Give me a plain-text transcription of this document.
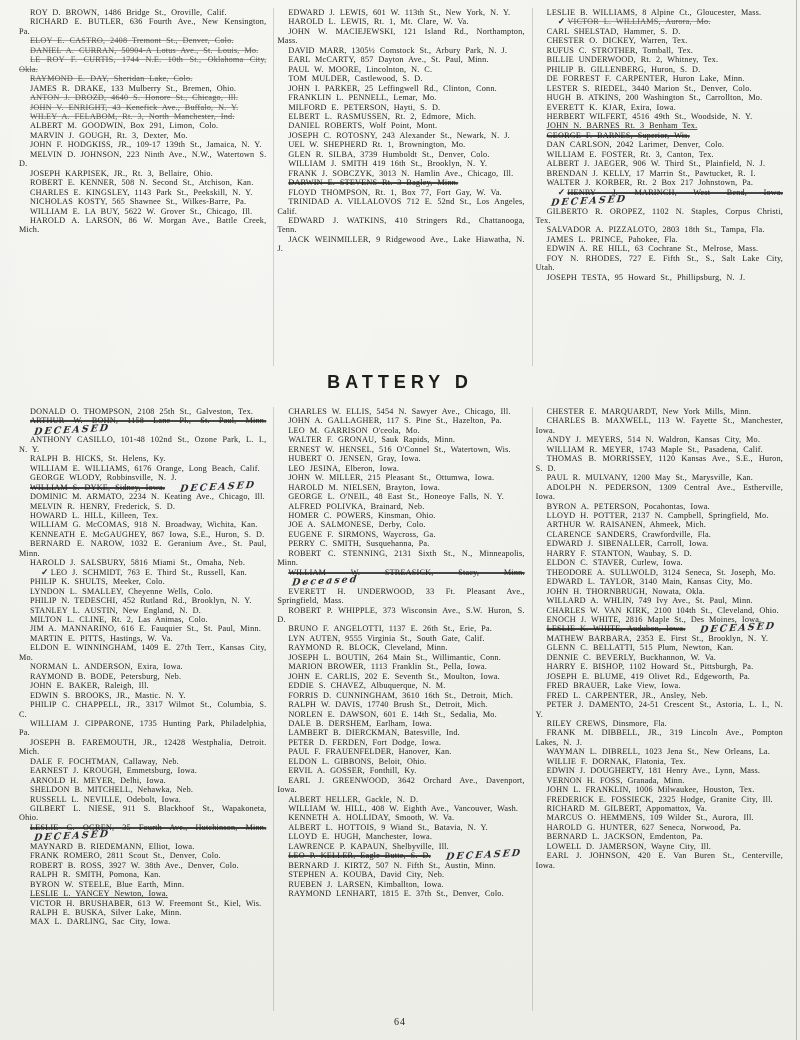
ROY D. BROWN, 1486 Bridge St., Oroville, Calif.

RICHARD E. BUTLER, 636 Fourth Ave., New Kensington, Pa.

ELOY E. CASTRO, 2408 Tremont St., Denver, Colo.

DANIEL A. CURRAN, 50904-A Lotus Ave., St. Louis, Mo.

LE ROY F. CURTIS, 1744 N.E. 10th St., Oklahoma City, Okla.

RAYMOND E. DAY, Sheridan Lake, Colo.

JAMES R. DRAKE, 133 Mulberry St., Bremen, Ohio.

ANTON J. DROZD, 4640 S. Honore St., Chicago, Ill.

JOHN V. ENRIGHT, 43 Kenefick Ave., Buffalo, N. Y.

WILEY A. FELABOM, Rt. 3, North Manchester, Ind.

ALBERT M. GOODWIN, Box 291, Limon, Colo.

MARVIN J. GOUGH, Rt. 3, Dexter, Mo.

JOHN F. HODGKISS, JR., 109-17 139th St., Jamaica, N. Y.

MELVIN D. JOHNSON, 223 Ninth Ave., N.W., Watertown S. D.

JOSEPH KARPISEK, JR., Rt. 3, Bellaire, Ohio.

ROBERT E. KENNER, 508 N. Second St., Atchison, Kan.

CHARLES E. KINGSLEY, 1143 Park St., Peekskill, N. Y.

NICHOLAS KOSTY, 565 Shawnee St., Wilkes-Barre, Pa.

WILLIAM E. LA BUY, 5622 W. Grover St., Chicago, Ill.

HAROLD A. LARSON, 86 W. Morgan Ave., Battle Creek, Mich.

EDWARD J. LEWIS, 601 W. 113th St., New York, N. Y.

HAROLD L. LEWIS, Rt. 1, Mt. Clare, W. Va.

JOHN W. MACIEJEWSKI, 121 Island Rd., Northampton, Mass.

DAVID MARR, 1305½ Comstock St., Arbury Park, N. J.

EARL McCARTY, 857 Dayton Ave., St. Paul, Minn.

PAUL W. MOORE, Lincolnton, N. C.

TOM MULDER, Castlewood, S. D.

JOHN I. PARKER, 25 Leffingwell Rd., Clinton, Conn.

FRANKLIN L. PENNELL, Lemar, Mo.

MILFORD E. PETERSON, Hayti, S. D.

ELBERT L. RASMUSSEN, Rt. 2, Edmore, Mich.

DANIEL ROBERTS, Wolf Point, Mont.

JOSEPH C. ROTOSNY, 243 Alexander St., Newark, N. J.

UEL W. SHEPHERD Rt. 1, Brownington, Mo.

GLEN R. SILBA, 3739 Humboldt St., Denver, Colo.

WILLIAM J. SMITH 419 16th St., Brooklyn, N. Y.

FRANK J. SOBCZYK, 3013 N. Hamlin Ave., Chicago, Ill.

DARWIN E. STEVENS Rt. 3 Bagley, Minn.

FLOYD THOMPSON, Rt. 1, Box 77, Fort Gay, W. Va.

TRINIDAD A. VILLALOVOS 712 E. 52nd St., Los Angeles, Calif.

EDWARD J. WATKINS, 410 Stringers Rd., Chattanooga, Tenn.

JACK WEINMILLER, 9 Ridgewood Ave., Lake Hiawatha, N. J.

LESLIE B. WILLIAMS, 8 Alpine Ct., Gloucester, Mass.

✓ VICTOR L. WILLIAMS, Aurora, Mo.

CARL SHELSTAD, Hammer, S. D.

CHESTER O. DICKEY, Warren, Tex.

RUFUS C. STROTHER, Tomball, Tex.

BILLIE UNDERWOOD, Rt. 2, Whitney, Tex.

PHILIP B. GILLENBERG, Huron, S. D.

DE FORREST F. CARPENTER, Huron Lake, Minn.

LESTER S. RIEDEL, 3440 Marion St., Denver, Colo.

HUGH B. ATKINS, 200 Washington St., Carrollton, Mo.

EVERETT K. KJAR, Exira, Iowa.

HERBERT WILFERT, 4516 49th St., Woodside, N. Y.

JOHN N. BARNES Rt. 3 Benham Tex.

GEORGE F. BARNES, Superior, Wis.

DAN CARLSON, 2042 Larimer, Denver, Colo.

WILLIAM E. FOSTER, Rt. 3, Canton, Tex.

ALBERT J. JAEGER, 906 W. Third St., Plainfield, N. J.

BRENDAN J. KELLY, 17 Marrin St., Pawtucket, R. I.

WALTER J. KORBER, Rt. 2 Box 217 Johnstown, Pa.

✓ HENRY J. MARINCH, West Bend, Iowa.DECEASED

GILBERTO R. OROPEZ, 1102 N. Staples, Corpus Christi, Tex.

SALVADOR A. PIZZALOTO, 2803 18th St., Tampa, Fla.

JAMES L. PRINCE, Pahokee, Fla.

EDWIN A. RE HILL, 63 Cochrane St., Melrose, Mass.

FOY N. RHODES, 727 E. Fifth St., S., Salt Lake City, Utah.

JOSEPH TESTA, 95 Howard St., Phillipsburg, N. J.

BATTERY D

DONALD O. THOMPSON, 2108 25th St., Galveston, Tex.

ARTHUR W. BOHN, 1158 Lane Pl., St. Paul, Minn.DECEASED

ANTHONY CASILLO, 101-48 102nd St., Ozone Park, L. I., N. Y.

RALPH B. HICKS, St. Helens, Ky.

WILLIAM E. WILLIAMS, 6176 Orange, Long Beach, Calif.

GEORGE WLODY, Robbinsville, N. J.

WILLIAM S. DYKE, Sidney, Iowa. DECEASED

DOMINIC M. ARMATO, 2234 N. Keating Ave., Chicago, Ill.

MELVIN R. HENRY, Frederick, S. D.

HOWARD L. HILL, Killeen, Tex.

WILLIAM G. McCOMAS, 918 N. Broadway, Wichita, Kan.

KENNEATH E. McGAUGHEY, 867 Iowa, S.E., Huron, S. D.

BERNARD E. NAROW, 1032 E. Geranium Ave., St. Paul, Minn.

HAROLD J. SALSBURY, 5816 Miami St., Omaha, Neb.

✓ LEO J. SCHMIDT, 763 E. Third St., Russell, Kan.

PHILIP K. SHULTS, Meeker, Colo.

LYNDON L. SMALLEY, Cheyenne Wells, Colo.

PHILIP N. TEDESCHI, 452 Rutland Rd., Brooklyn, N. Y.

STANLEY L. AUSTIN, New England, N. D.

MILTON L. CLINE, Rt. 2, Las Animas, Colo.

JIM A. MANNARINO, 616 E. Fauquier St., St. Paul, Minn.

MARTIN E. PITTS, Hastings, W. Va.

ELDON E. WINNINGHAM, 1409 E. 27th Terr., Kansas City, Mo.

NORMAN L. ANDERSON, Exira, Iowa.

RAYMOND B. BODE, Petersburg, Neb.

JOHN E. BAKER, Raleigh, Ill.

EDWIN S. BROOKS, JR., Mastic. N. Y.

PHILIP C. CHAPPELL, JR., 3317 Wilmot St., Columbia, S. C.

WILLIAM J. CIPPARONE, 1735 Hunting Park, Philadelphia, Pa.

JOSEPH B. FAREMOUTH, JR., 12428 Westphalia, Detroit. Mich.

DALE F. FOCHTMAN, Callaway, Neb.

EARNEST J. KROUGH, Emmetsburg, Iowa.

ARNOLD H. MEYER, Delhi, Iowa.

SHELDON B. MITCHELL, Nehawka, Neb.

RUSSELL L. NEVILLE, Odebolt, Iowa.

GILBERT L. NIESE, 911 S. Blackhoof St., Wapakoneta, Ohio.

LESLIE G. OGREN, 35 Fourth Ave., Hutchinson, Minn.DECEASED

MAYNARD B. RIEDEMANN, Elliot, Iowa.

FRANK ROMERO, 2811 Scout St., Denver, Colo.

ROBERT B. ROSS, 3927 W. 38th Ave., Denver, Colo.

RALPH R. SMITH, Pomona, Kan.

BYRON W. STEELE, Blue Earth, Minn.

LESLIE L. YANCEY Newton, Iowa.

VICTOR H. BRUSHABER, 613 W. Freemont St., Kiel, Wis.

RALPH E. BUSKA, Silver Lake, Minn.

MAX L. DARLING, Sac City, Iowa.

CHARLES W. ELLIS, 5454 N. Sawyer Ave., Chicago, Ill.

JOHN A. GALLAGHER, 117 S. Pine St., Hazelton, Pa.

LEO M. GARRISON O'ceola, Mo.

WALTER F. GRONAU, Sauk Rapids, Minn.

ERNEST W. HENSEL, 516 O'Connel St., Watertown, Wis.

HUBERT O. JENSEN, Gray, Iowa.

LEO JESINA, Elberon, Iowa.

JOHN W. MILLER, 215 Pleasant St., Ottumwa, Iowa.

HAROLD M. NIELSEN, Brayton, Iowa.

GEORGE L. O'NEIL, 48 East St., Honeoye Falls, N. Y.

ALFRED POLIVKA, Brainard, Neb.

HOMER C. POWERS, Kinsman, Ohio.

JOE A. SALMONESE, Derby, Colo.

EUGENE F. SIRMONS, Waycross, Ga.

PERRY C. SMITH, Susquehanna, Pa.

ROBERT C. STENNING, 2131 Sixth St., N., Minneapolis, Minn.

WILLIAM W. STREASICK, Stacy, Minn.Deceased

EVERETT H. UNDERWOOD, 33 Ft. Pleasant Ave., Springfield, Mass.

ROBERT P. WHIPPLE, 373 Wisconsin Ave., S.W. Huron, S. D.

BRUNO F. ANGELOTTI, 1137 E. 26th St., Erie, Pa.

LYN AUTEN, 9555 Virginia St., South Gate, Calif.

RAYMOND R. BLOCK, Cleveland, Minn.

JOSEPH L. BOUTIN, 264 Main St., Willimantic, Conn.

MARION BROWER, 1113 Franklin St., Pella, Iowa.

JOHN E. CARLIS, 202 E. Seventh St., Moulton, Iowa.

EDDIE S. CHAVEZ, Albuquerque, N. M.

FORRIS D. CUNNINGHAM, 3610 16th St., Detroit, Mich.

RALPH W. DAVIS, 17740 Brush St., Detroit, Mich.

NORLEN E. DAWSON, 601 E. 14th St., Sedalia, Mo.

DALE B. DERSHEM, Earlham, Iowa.

LAMBERT B. DIERCKMAN, Batesville, Ind.

PETER D. FERDEN, Fort Dodge, Iowa.

PAUL F. FRAUENFELDER, Hanover, Kan.

ELDON L. GIBBONS, Beloit, Ohio.

ERVIL A. GOSSER, Fonthill, Ky.

EARL J. GREENWOOD, 3642 Orchard Ave., Davenport, Iowa.

ALBERT HELLER, Gackle, N. D.

WILLIAM W. HILL, 408 W. Eighth Ave., Vancouver, Wash.

KENNETH A. HOLLIDAY, Smooth, W. Va.

ALBERT L. HOTTOIS, 9 Wiand St., Batavia, N. Y.

LLOYD E. HUGH, Manchester, Iowa.

LAWRENCE P. KAPAUN, Shelbyville, Ill.

LEO P. KELLER, Eagle Butte, S. D. DECEASED

BERNARD J. KIRTZ, 507 N. Fifth St., Austin, Minn.

STEPHEN A. KOUBA, David City, Neb.

RUEBEN J. LARSEN, Kimballton, Iowa.

RAYMOND LENHART, 1815 E. 37th St., Denver, Colo.

CHESTER E. MARQUARDT, New York Mills, Minn.

CHARLES B. MAXWELL, 113 W. Fayette St., Manchester, Iowa.

ANDY J. MEYERS, 514 N. Waldron, Kansas City, Mo.

WILLIAM R. MEYER, 1743 Maple St., Pasadena, Calif.

THOMAS B. MORRISSEY, 1120 Kansas Ave., S.E., Huron, S. D.

PAUL R. MULVANY, 1200 May St., Marysville, Kan.

ADOLPH N. PEDERSON, 1309 Central Ave., Estherville, Iowa.

BYRON A. PETERSON, Pocahontas, Iowa.

LLOYD H. POTTER, 2137 N. Campbell, Springfield, Mo.

ARTHUR W. RAISANEN, Ahmeek, Mich.

CLARENCE SANDERS, Crawfordville, Fla.

EDWARD J. SIBENALLER, Carroll, Iowa.

HARRY F. STANTON, Waubay, S. D.

ELDON C. STAVER, Curlew, Iowa.

THEODORE A. SULLWOLD, 3124 Seneca, St. Joseph, Mo.

EDWARD L. TAYLOR, 3140 Main, Kansas City, Mo.

JOHN H. THORNBRUGH, Nowata, Okla.

WILLARD A. WHLIN, 749 Ivy Ave., St. Paul, Minn.

CHARLES W. VAN KIRK, 2100 104th St., Cleveland, Ohio.

ENOCH J. WHITE, 2816 Maple St., Des Moines, Iowa.

LESLIE K. WHITE, Audubon, Iowa. DECEASED

MATHEW BARBARA, 2353 E. First St., Brooklyn, N. Y.

GLENN C. BELLATTI, 515 Plum, Newton, Kan.

DENNIE C. BEVERLY, Buckhannon, W. Va.

HARRY E. BISHOP, 1102 Howard St., Pittsburgh, Pa.

JOSEPH E. BLUME, 419 Olivet Rd., Edgeworth, Pa.

FRED BRAUER, Lake View, Iowa.

FRED L. CARPENTER, JR., Ansley, Neb.

PETER J. DAMENTO, 24-51 Crescent St., Astoria, L. I., N. Y.

RILEY CREWS, Dinsmore, Fla.

FRANK M. DIBBELL, JR., 319 Lincoln Ave., Pompton Lakes, N. J.

WAYMAN L. DIBRELL, 1023 Jena St., New Orleans, La.

WILLIE F. DORNAK, Flatonia, Tex.

EDWIN J. DOUGHERTY, 181 Henry Ave., Lynn, Mass.

VERNON H. FOSS, Granada, Minn.

JOHN L. FRANKLIN, 1006 Milwaukee, Houston, Tex.

FREDERICK E. FOSSIECK, 2325 Hodge, Granite City, Ill.

RICHARD M. GILBERT, Appomattox, Va.

MARCUS O. HEMMENS, 109 Wilder St., Aurora, Ill.

HAROLD G. HUNTER, 627 Seneca, Norwood, Pa.

BERNARD L. JACKSON, Emdenton, Pa.

LOWELL D. JAMERSON, Wayne City, Ill.

EARL J. JOHNSON, 420 E. Van Buren St., Centerville, Iowa.

64
